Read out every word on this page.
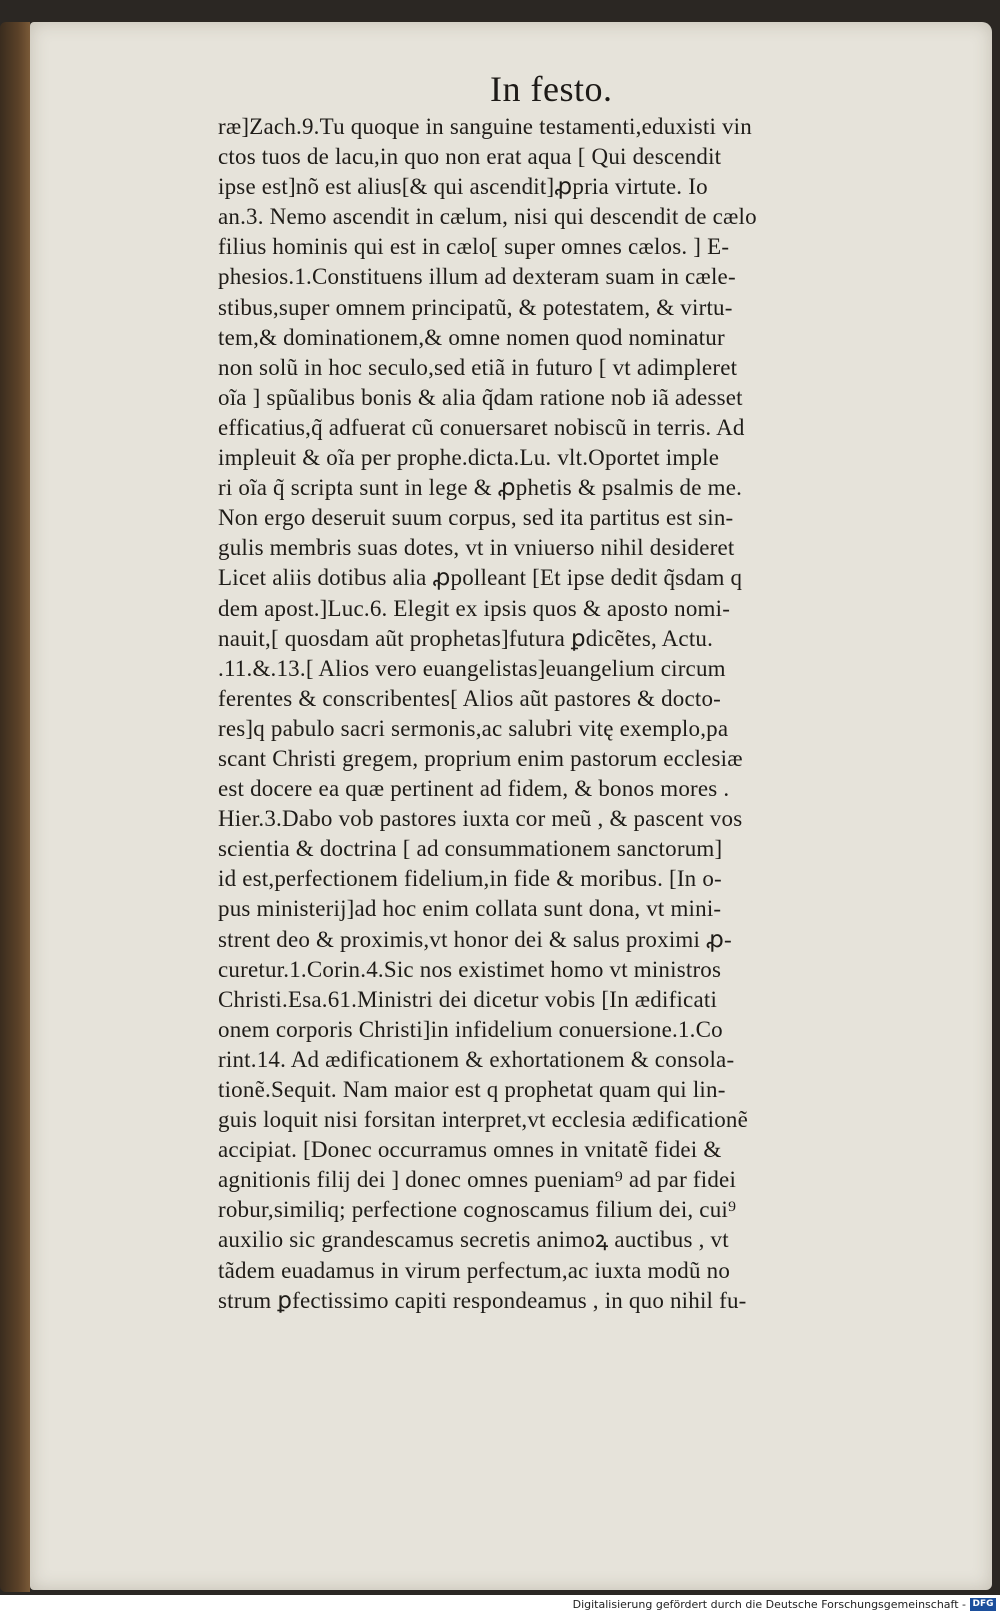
In festo.
ræ]Zach.9.Tu quoque in sanguine testamenti,eduxisti vin
ctos tuos de lacu,in quo non erat aqua [ Qui descendit
ipse est]nõ est alius[& qui ascendit]ꝓpria virtute. Io
an.3. Nemo ascendit in cælum, nisi qui descendit de cælo
filius hominis qui est in cælo[ super omnes cælos. ] E-
phesios.1.Constituens illum ad dexteram suam in cæle-
stibus,super omnem principatũ, & potestatem, & virtu-
tem,& dominationem,& omne nomen quod nominatur
non solũ in hoc seculo,sed etiã in futuro [ vt adimpleret
oĩa ] spũalibus bonis & alia q̃dam ratione nob iã adesset
efficatius,q̃ adfuerat cũ conuersaret nobiscũ in terris. Ad
impleuit & oĩa per prophe.dicta.Lu. vlt.Oportet imple
ri oĩa q̃ scripta sunt in lege & ꝓphetis & psalmis de me.
Non ergo deseruit suum corpus, sed ita partitus est sin-
gulis membris suas dotes, vt in vniuerso nihil desideret
Licet aliis dotibus alia ꝓpolleant [Et ipse dedit q̃sdam q
dem apost.]Luc.6. Elegit ex ipsis quos & aposto nomi-
nauit,[ quosdam aũt prophetas]futura ꝑdicẽtes, Actu.
.11.&.13.[ Alios vero euangelistas]euangelium circum
ferentes & conscribentes[ Alios aũt pastores & docto-
res]q pabulo sacri sermonis,ac salubri vitę exemplo,pa
scant Christi gregem, proprium enim pastorum ecclesiæ
est docere ea quæ pertinent ad fidem, & bonos mores .
Hier.3.Dabo vob pastores iuxta cor meũ , & pascent vos
scientia & doctrina [ ad consummationem sanctorum]
id est,perfectionem fidelium,in fide & moribus. [In o-
pus ministerij]ad hoc enim collata sunt dona, vt mini-
strent deo & proximis,vt honor dei & salus proximi ꝓ-
curetur.1.Corin.4.Sic nos existimet homo vt ministros
Christi.Esa.61.Ministri dei dicetur vobis [In ædificati
onem corporis Christi]in infidelium conuersione.1.Co
rint.14. Ad ædificationem & exhortationem & consola-
tionẽ.Sequit. Nam maior est q prophetat quam qui lin-
guis loquit nisi forsitan interpret,vt ecclesia ædificationẽ
accipiat. [Donec occurramus omnes in vnitatẽ fidei &
agnitionis filij dei ] donec omnes pueniam⁹ ad par fidei
robur,similiq; perfectione cognoscamus filium dei, cui⁹
auxilio sic grandescamus secretis animoꝝ auctibus , vt
tãdem euadamus in virum perfectum,ac iuxta modũ no
strum ꝑfectissimo capiti respondeamus , in quo nihil fu-
Digitalisierung gefördert durch die Deutsche Forschungsgemeinschaft - DFG
